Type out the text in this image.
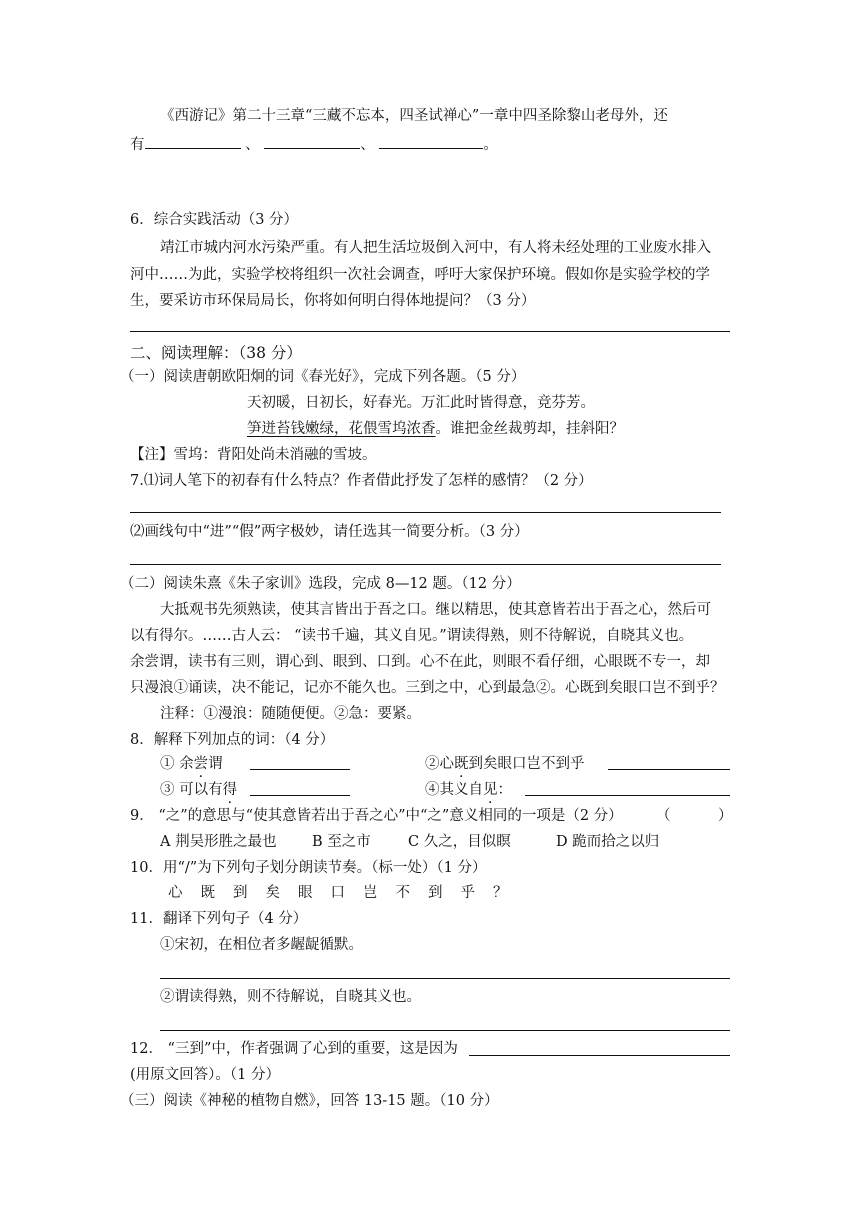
《西游记》第二十三章“三藏不忘本，四圣试禅心”一章中四圣除黎山老母外，还
有	、	、	。
6．综合实践活动（3 分）
靖江市城内河水污染严重。有人把生活垃圾倒入河中，有人将未经处理的工业废水排入
河中……为此，实验学校将组织一次社会调查，呼吁大家保护环境。假如你是实验学校的学
生，要采访市环保局局长，你将如何明白得体地提问？（3 分）
二、阅读理解：（38 分）
（一）阅读唐朝欧阳炯的词《春光好》，完成下列各题。（5 分）
天初暖，日初长，好春光。万汇此时皆得意，竞芬芳。
笋迸苔钱嫩绿，花偎雪坞浓香。谁把金丝裁剪却，挂斜阳？
【注】雪坞：背阳处尚未消融的雪坡。
7.⑴词人笔下的初春有什么特点？作者借此抒发了怎样的感情？（2 分）
⑵画线句中“进”“假”两字极妙，请任选其一简要分析。（3 分）
（二）阅读朱熹《朱子家训》选段，完成 8—12 题。（12 分）
大抵观书先须熟读，使其言皆出于吾之口。继以精思，使其意皆若出于吾之心，然后可
以有得尔。……古人云： “读书千遍，其义自见。”谓读得熟，则不待解说，自晓其义也。
余尝谓，读书有三则，谓心到、眼到、口到。心不在此，则眼不看仔细，心眼既不专一，却
只漫浪①诵读，决不能记，记亦不能久也。三到之中，心到最急②。心既到矣眼口岂不到乎？
注释：①漫浪：随随便便。②急：要紧。
8．解释下列加点的词：（4 分）
① 余尝谓	②心既到矣眼口岂不到乎
③ 可以有得	④其义自见：
9． “之”的意思与“使其意皆若出于吾之心”中“之”意义相同的一项是（2 分） （	）
A 荆吴形胜之最也 B 至之市	C 久之，目似瞑	D 跪而拾之以归
10．用“/”为下列句子划分朗读节奏。（标一处）（1 分）
心既到矣眼口岂不到乎？
11．翻译下列句子（4 分）
①宋初，在相位者多龌龊循默。
②谓读得熟，则不待解说，自晓其义也。
12． “三到”中，作者强调了心到的重要，这是因为
(用原文回答）。（1 分）
（三）阅读《神秘的植物自燃》，回答 13-15 题。（10 分）
